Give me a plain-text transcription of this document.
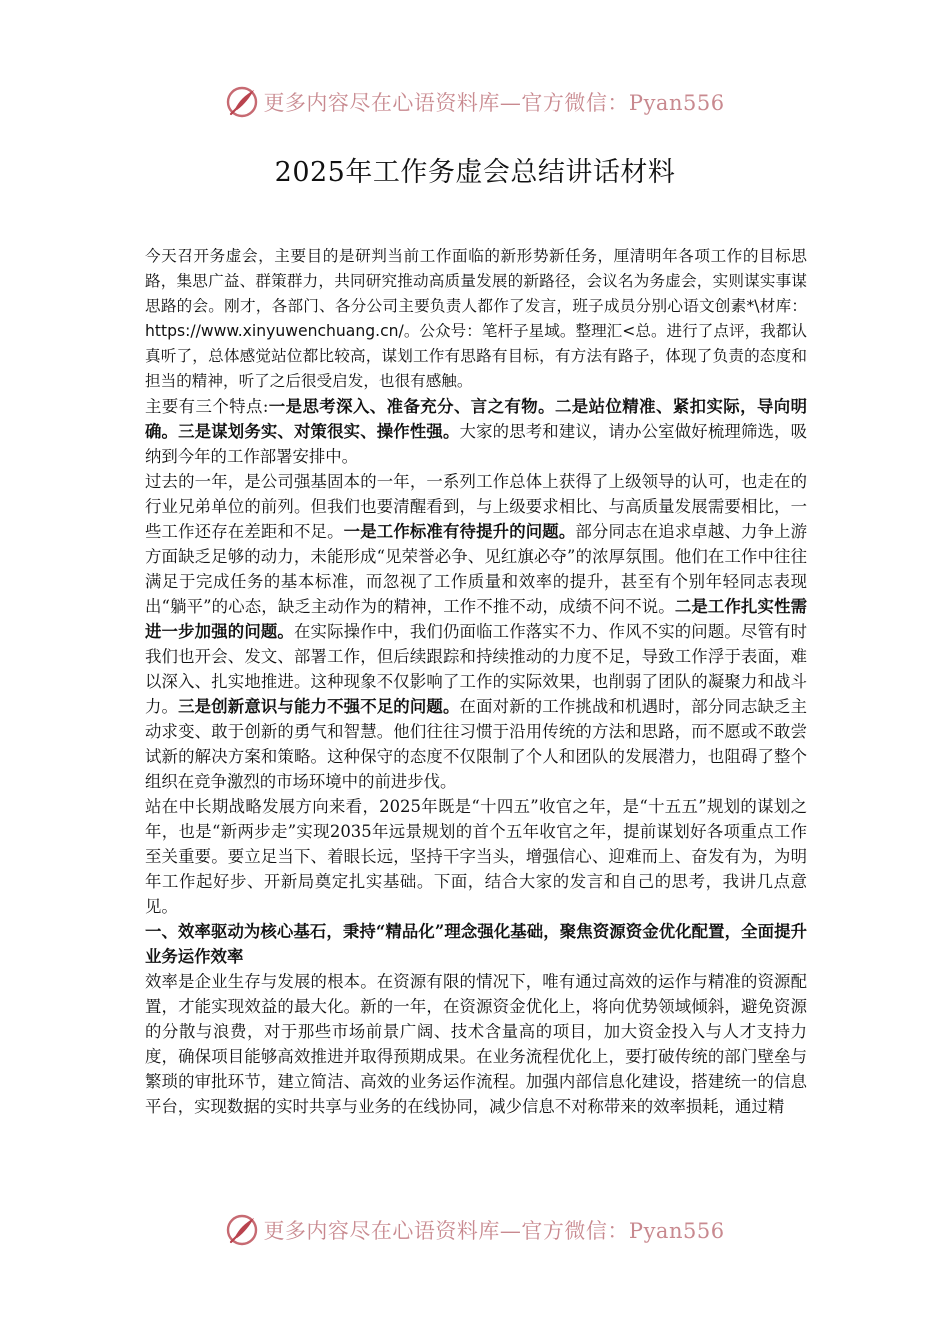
更多内容尽在心语资料库—官方微信：Pyan556
2025年工作务虚会总结讲话材料

今天召开务虚会，主要目的是研判当前工作面临的新形势新任务，厘清明年各项工作的目标思路，集思广益、群策群力，共同研究推动高质量发展的新路径，会议名为务虚会，实则谋实事谋思路的会。刚才，各部门、各分公司主要负责人都作了发言，班子成员分别心语文创素*\材库：https://www.xinyuwenchuang.cn/。公众号：笔杆子星域。整理汇<总。进行了点评，我都认真听了，总体感觉站位都比较高，谋划工作有思路有目标，有方法有路子，体现了负责的态度和担当的精神，听了之后很受启发，也很有感触。

主要有三个特点:一是思考深入、准备充分、言之有物。二是站位精准、紧扣实际，导向明确。三是谋划务实、对策很实、操作性强。大家的思考和建议，请办公室做好梳理筛选，吸纳到今年的工作部署安排中。

过去的一年，是公司强基固本的一年，一系列工作总体上获得了上级领导的认可，也走在的行业兄弟单位的前列。但我们也要清醒看到，与上级要求相比、与高质量发展需要相比，一些工作还存在差距和不足。一是工作标准有待提升的问题。部分同志在追求卓越、力争上游方面缺乏足够的动力，未能形成“见荣誉必争、见红旗必夺”的浓厚氛围。他们在工作中往往满足于完成任务的基本标准，而忽视了工作质量和效率的提升，甚至有个别年轻同志表现出“躺平”的心态，缺乏主动作为的精神，工作不推不动，成绩不问不说。二是工作扎实性需进一步加强的问题。在实际操作中，我们仍面临工作落实不力、作风不实的问题。尽管有时我们也开会、发文、部署工作，但后续跟踪和持续推动的力度不足，导致工作浮于表面，难以深入、扎实地推进。这种现象不仅影响了工作的实际效果，也削弱了团队的凝聚力和战斗力。三是创新意识与能力不强不足的问题。在面对新的工作挑战和机遇时，部分同志缺乏主动求变、敢于创新的勇气和智慧。他们往往习惯于沿用传统的方法和思路，而不愿或不敢尝试新的解决方案和策略。这种保守的态度不仅限制了个人和团队的发展潜力，也阻碍了整个组织在竞争激烈的市场环境中的前进步伐。

站在中长期战略发展方向来看，2025年既是“十四五”收官之年，是“十五五”规划的谋划之年，也是“新两步走”实现2035年远景规划的首个五年收官之年，提前谋划好各项重点工作至关重要。要立足当下、着眼长远，坚持干字当头，增强信心、迎难而上、奋发有为，为明年工作起好步、开新局奠定扎实基础。下面，结合大家的发言和自己的思考，我讲几点意见。

一、效率驱动为核心基石，秉持“精品化”理念强化基础，聚焦资源资金优化配置，全面提升业务运作效率

效率是企业生存与发展的根本。在资源有限的情况下，唯有通过高效的运作与精准的资源配置，才能实现效益的最大化。新的一年，在资源资金优化上，将向优势领域倾斜，避免资源的分散与浪费，对于那些市场前景广阔、技术含量高的项目，加大资金投入与人才支持力度，确保项目能够高效推进并取得预期成果。在业务流程优化上，要打破传统的部门壁垒与繁琐的审批环节，建立简洁、高效的业务运作流程。加强内部信息化建设，搭建统一的信息平台，实现数据的实时共享与业务的在线协同，减少信息不对称带来的效率损耗，通过精

更多内容尽在心语资料库—官方微信：Pyan556
